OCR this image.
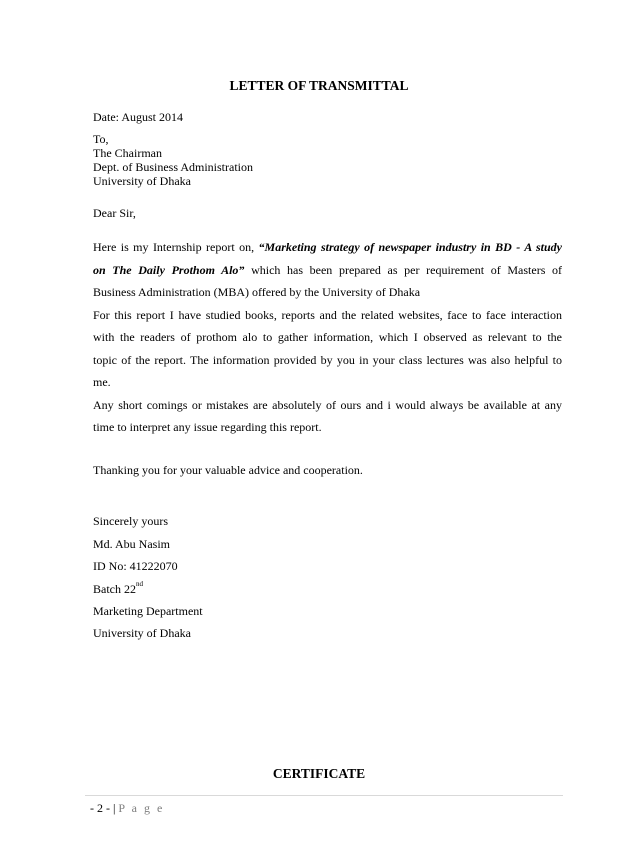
LETTER OF TRANSMITTAL
Date: August 2014
To,
The Chairman
Dept. of Business Administration
University of Dhaka
Dear Sir,
Here is my Internship report on, “Marketing strategy of newspaper industry in BD - A study
on The Daily Prothom Alo” which has been prepared as per requirement of Masters of
Business Administration (MBA) offered by the University of Dhaka
For this report I have studied books, reports and the related websites, face to face interaction
with the readers of prothom alo to gather information, which I observed as relevant to the
topic of the report. The information provided by you in your class lectures was also helpful to
me.
Any short comings or mistakes are absolutely of ours and i would always be available at any
time to interpret any issue regarding this report.
Thanking you for your valuable advice and cooperation.
Sincerely yours
Md. Abu Nasim
ID No: 41222070
Batch 22nd
Marketing Department
University of Dhaka
CERTIFICATE
- 2 - | P a g e
